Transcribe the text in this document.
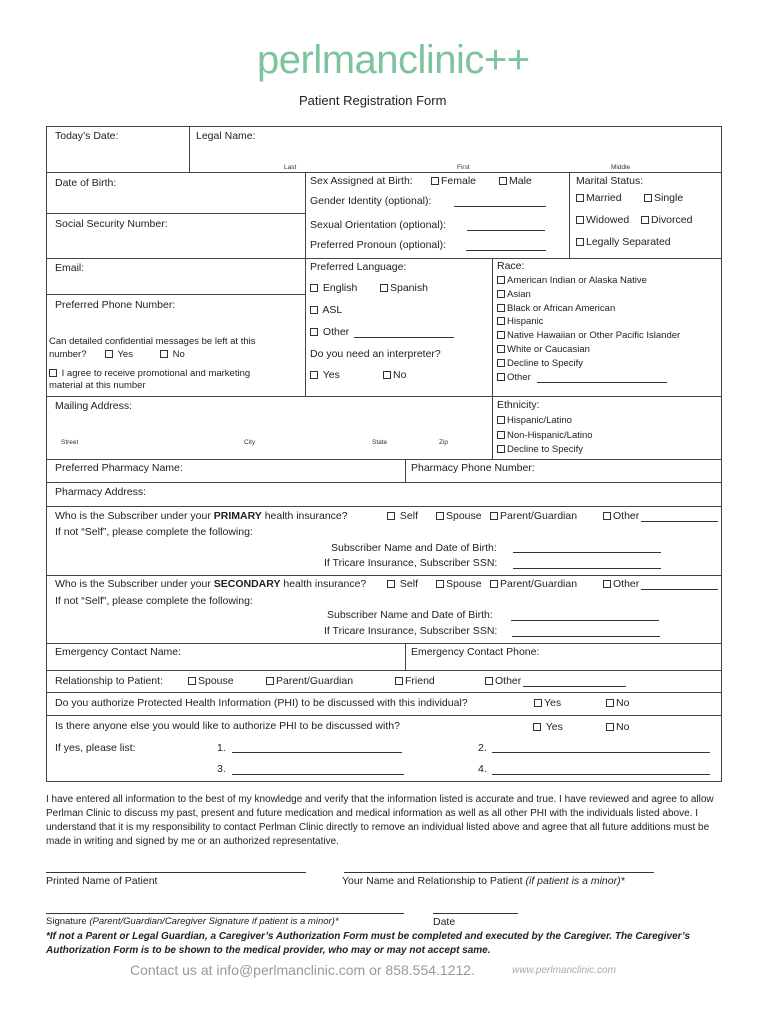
perlmanclinic++
Patient Registration Form
Today’s Date:	Legal Name:
Last	First	Middle
Date of Birth:
Social Security Number:
Sex Assigned at Birth:	Female	Male
Gender Identity (optional):
Sexual Orientation (optional):
Preferred Pronoun (optional):
Marital Status:
Married	Single
Widowed	Divorced
Legally Separated
Email:
Preferred Phone Number:
Can detailed confidential messages be left at this
number?	Yes	No
I agree to receive promotional and marketing
material at this number
Preferred Language:
English	Spanish
ASL
Other
Do you need an interpreter?
Yes	No
Race:
American Indian or Alaska Native
Asian
Black or African American
Hispanic
Native Hawaiian or Other Pacific Islander
White or Caucasian
Decline to Specify
Other
Mailing Address:
Street	City	State	Zip
Ethnicity:
Hispanic/Latino
Non-Hispanic/Latino
Decline to Specify
Preferred Pharmacy Name:	Pharmacy Phone Number:
Pharmacy Address:
Who is the Subscriber under your PRIMARY health insurance?	Self	Spouse	Parent/Guardian	Other
If not “Self”, please complete the following:
Subscriber Name and Date of Birth:
If Tricare Insurance, Subscriber SSN:
Who is the Subscriber under your SECONDARY health insurance?	Self	Spouse	Parent/Guardian	Other
If not “Self”, please complete the following:
Subscriber Name and Date of Birth:
If Tricare Insurance, Subscriber SSN:
Emergency Contact Name:	Emergency Contact Phone:
Relationship to Patient:	Spouse	Parent/Guardian	Friend	Other
Do you authorize Protected Health Information (PHI) to be discussed with this individual?	Yes	No
Is there anyone else you would like to authorize PHI to be discussed with?	Yes	No
If yes, please list:	1.	2.
3.	4.
I have entered all information to the best of my knowledge and verify that the information listed is accurate and true. I have reviewed and agree to allow Perlman Clinic to discuss my past, present and future medication and medical information as well as all other PHI with the individuals listed above. I understand that it is my responsibility to contact Perlman Clinic directly to remove an individual listed above and agree that all future additions must be made in writing and signed by me or an authorized representative.
Printed Name of Patient	Your Name and Relationship to Patient (if patient is a minor)*
Signature (Parent/Guardian/Caregiver Signature if patient is a minor)*	Date
*If not a Parent or Legal Guardian, a Caregiver’s Authorization Form must be completed and executed by the Caregiver. The Caregiver’s Authorization Form is to be shown to the medical provider, who may or may not accept same.
Contact us at info@perlmanclinic.com or 858.554.1212.	www.perlmanclinic.com
